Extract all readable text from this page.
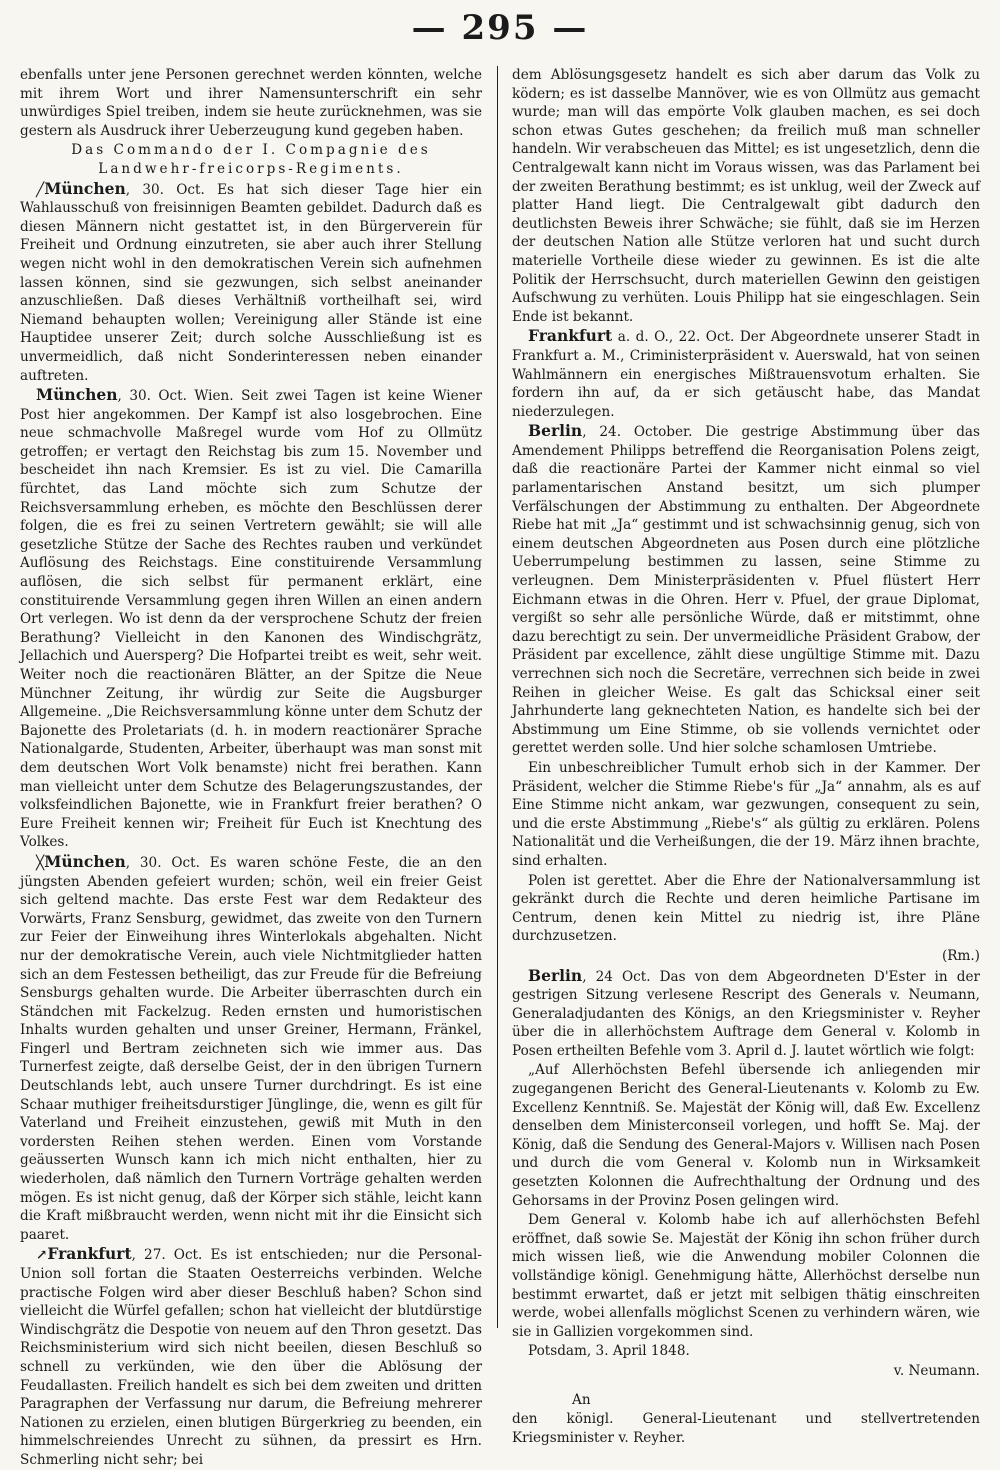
— 295 —

ebenfalls unter jene Personen gerechnet werden könnten, welche mit ihrem Wort und ihrer Namensunterschrift ein sehr unwürdiges Spiel treiben, indem sie heute zurücknehmen, was sie gestern als Ausdruck ihrer Ueberzeugung kund gegeben haben.

Das Commando der I. Compagnie des Landwehr-freicorps-Regiments.

╱München, 30. Oct. Es hat sich dieser Tage hier ein Wahlausschuß von freisinnigen Beamten gebildet. Dadurch daß es diesen Männern nicht gestattet ist, in den Bürgerverein für Freiheit und Ordnung einzutreten, sie aber auch ihrer Stellung wegen nicht wohl in den demokratischen Verein sich aufnehmen lassen können, sind sie gezwungen, sich selbst aneinander anzuschließen. Daß dieses Verhältniß vortheilhaft sei, wird Niemand behaupten wollen; Vereinigung aller Stände ist eine Hauptidee unserer Zeit; durch solche Ausschließung ist es unvermeidlich, daß nicht Sonderinteressen neben einander auftreten.

München, 30. Oct. Wien. Seit zwei Tagen ist keine Wiener Post hier angekommen. Der Kampf ist also losgebrochen. Eine neue schmachvolle Maßregel wurde vom Hof zu Ollmütz getroffen; er vertagt den Reichstag bis zum 15. November und bescheidet ihn nach Kremsier. Es ist zu viel. Die Camarilla fürchtet, das Land möchte sich zum Schutze der Reichsversammlung erheben, es möchte den Beschlüssen derer folgen, die es frei zu seinen Vertretern gewählt; sie will alle gesetzliche Stütze der Sache des Rechtes rauben und verkündet Auflösung des Reichstags. Eine constituirende Versammlung auflösen, die sich selbst für permanent erklärt, eine constituirende Versammlung gegen ihren Willen an einen andern Ort verlegen. Wo ist denn da der versprochene Schutz der freien Berathung? Vielleicht in den Kanonen des Windischgrätz, Jellachich und Auersperg? Die Hofpartei treibt es weit, sehr weit. Weiter noch die reactionären Blätter, an der Spitze die Neue Münchner Zeitung, ihr würdig zur Seite die Augsburger Allgemeine. „Die Reichsversammlung könne unter dem Schutz der Bajonette des Proletariats (d. h. in modern reactionärer Sprache Nationalgarde, Studenten, Arbeiter, überhaupt was man sonst mit dem deutschen Wort Volk benamste) nicht frei berathen. Kann man vielleicht unter dem Schutze des Belagerungszustandes, der volksfeindlichen Bajonette, wie in Frankfurt freier berathen? O Eure Freiheit kennen wir; Freiheit für Euch ist Knechtung des Volkes.

╳München, 30. Oct. Es waren schöne Feste, die an den jüngsten Abenden gefeiert wurden; schön, weil ein freier Geist sich geltend machte. Das erste Fest war dem Redakteur des Vorwärts, Franz Sensburg, gewidmet, das zweite von den Turnern zur Feier der Einweihung ihres Winterlokals abgehalten. Nicht nur der demokratische Verein, auch viele Nichtmitglieder hatten sich an dem Festessen betheiligt, das zur Freude für die Befreiung Sensburgs gehalten wurde. Die Arbeiter überraschten durch ein Ständchen mit Fackelzug. Reden ernsten und humoristischen Inhalts wurden gehalten und unser Greiner, Hermann, Fränkel, Fingerl und Bertram zeichneten sich wie immer aus. Das Turnerfest zeigte, daß derselbe Geist, der in den übrigen Turnern Deutschlands lebt, auch unsere Turner durchdringt. Es ist eine Schaar muthiger freiheitsdurstiger Jünglinge, die, wenn es gilt für Vaterland und Freiheit einzustehen, gewiß mit Muth in den vordersten Reihen stehen werden. Einen vom Vorstande geäusserten Wunsch kann ich mich nicht enthalten, hier zu wiederholen, daß nämlich den Turnern Vorträge gehalten werden mögen. Es ist nicht genug, daß der Körper sich stähle, leicht kann die Kraft mißbraucht werden, wenn nicht mit ihr die Einsicht sich paaret.

↗Frankfurt, 27. Oct. Es ist entschieden; nur die Personal-Union soll fortan die Staaten Oesterreichs verbinden. Welche practische Folgen wird aber dieser Beschluß haben? Schon sind vielleicht die Würfel gefallen; schon hat vielleicht der blutdürstige Windischgrätz die Despotie von neuem auf den Thron gesetzt. Das Reichsministerium wird sich nicht beeilen, diesen Beschluß so schnell zu verkünden, wie den über die Ablösung der Feudallasten. Freilich handelt es sich bei dem zweiten und dritten Paragraphen der Verfassung nur darum, die Befreiung mehrerer Nationen zu erzielen, einen blutigen Bürgerkrieg zu beenden, ein himmelschreiendes Unrecht zu sühnen, da pressirt es Hrn. Schmerling nicht sehr; bei

dem Ablösungsgesetz handelt es sich aber darum das Volk zu ködern; es ist dasselbe Mannöver, wie es von Ollmütz aus gemacht wurde; man will das empörte Volk glauben machen, es sei doch schon etwas Gutes geschehen; da freilich muß man schneller handeln. Wir verabscheuen das Mittel; es ist ungesetzlich, denn die Centralgewalt kann nicht im Voraus wissen, was das Parlament bei der zweiten Berathung bestimmt; es ist unklug, weil der Zweck auf platter Hand liegt. Die Centralgewalt gibt dadurch den deutlichsten Beweis ihrer Schwäche; sie fühlt, daß sie im Herzen der deutschen Nation alle Stütze verloren hat und sucht durch materielle Vortheile diese wieder zu gewinnen. Es ist die alte Politik der Herrschsucht, durch materiellen Gewinn den geistigen Aufschwung zu verhüten. Louis Philipp hat sie eingeschlagen. Sein Ende ist bekannt.

Frankfurt a. d. O., 22. Oct. Der Abgeordnete unserer Stadt in Frankfurt a. M., Criministerpräsident v. Auerswald, hat von seinen Wahlmännern ein energisches Mißtrauensvotum erhalten. Sie fordern ihn auf, da er sich getäuscht habe, das Mandat niederzulegen.

Berlin, 24. October. Die gestrige Abstimmung über das Amendement Philipps betreffend die Reorganisation Polens zeigt, daß die reactionäre Partei der Kammer nicht einmal so viel parlamentarischen Anstand besitzt, um sich plumper Verfälschungen der Abstimmung zu enthalten. Der Abgeordnete Riebe hat mit „Ja“ gestimmt und ist schwachsinnig genug, sich von einem deutschen Abgeordneten aus Posen durch eine plötzliche Ueberrumpelung bestimmen zu lassen, seine Stimme zu verleugnen. Dem Ministerpräsidenten v. Pfuel flüstert Herr Eichmann etwas in die Ohren. Herr v. Pfuel, der graue Diplomat, vergißt so sehr alle persönliche Würde, daß er mitstimmt, ohne dazu berechtigt zu sein. Der unvermeidliche Präsident Grabow, der Präsident par excellence, zählt diese ungültige Stimme mit. Dazu verrechnen sich noch die Secretäre, verrechnen sich beide in zwei Reihen in gleicher Weise. Es galt das Schicksal einer seit Jahrhunderte lang geknechteten Nation, es handelte sich bei der Abstimmung um Eine Stimme, ob sie vollends vernichtet oder gerettet werden solle. Und hier solche schamlosen Umtriebe.

Ein unbeschreiblicher Tumult erhob sich in der Kammer. Der Präsident, welcher die Stimme Riebe's für „Ja“ annahm, als es auf Eine Stimme nicht ankam, war gezwungen, consequent zu sein, und die erste Abstimmung „Riebe's“ als gültig zu erklären. Polens Nationalität und die Verheißungen, die der 19. März ihnen brachte, sind erhalten.

Polen ist gerettet. Aber die Ehre der Nationalversammlung ist gekränkt durch die Rechte und deren heimliche Partisane im Centrum, denen kein Mittel zu niedrig ist, ihre Pläne durchzusetzen.

(Rm.)

Berlin, 24 Oct. Das von dem Abgeordneten D'Ester in der gestrigen Sitzung verlesene Rescript des Generals v. Neumann, Generaladjudanten des Königs, an den Kriegsminister v. Reyher über die in allerhöchstem Auftrage dem General v. Kolomb in Posen ertheilten Befehle vom 3. April d. J. lautet wörtlich wie folgt:

„Auf Allerhöchsten Befehl übersende ich anliegenden mir zugegangenen Bericht des General-Lieutenants v. Kolomb zu Ew. Excellenz Kenntniß. Se. Majestät der König will, daß Ew. Excellenz denselben dem Ministerconseil vorlegen, und hofft Se. Maj. der König, daß die Sendung des General-Majors v. Willisen nach Posen und durch die vom General v. Kolomb nun in Wirksamkeit gesetzten Kolonnen die Aufrechthaltung der Ordnung und des Gehorsams in der Provinz Posen gelingen wird.

Dem General v. Kolomb habe ich auf allerhöchsten Befehl eröffnet, daß sowie Se. Majestät der König ihn schon früher durch mich wissen ließ, wie die Anwendung mobiler Colonnen die vollständige königl. Genehmigung hätte, Allerhöchst derselbe nun bestimmt erwartet, daß er jetzt mit selbigen thätig einschreiten werde, wobei allenfalls möglichst Scenen zu verhindern wären, wie sie in Gallizien vorgekommen sind.

Potsdam, 3. April 1848.

v. Neumann.

An

den königl. General-Lieutenant und stellvertretenden Kriegsminister v. Reyher.
